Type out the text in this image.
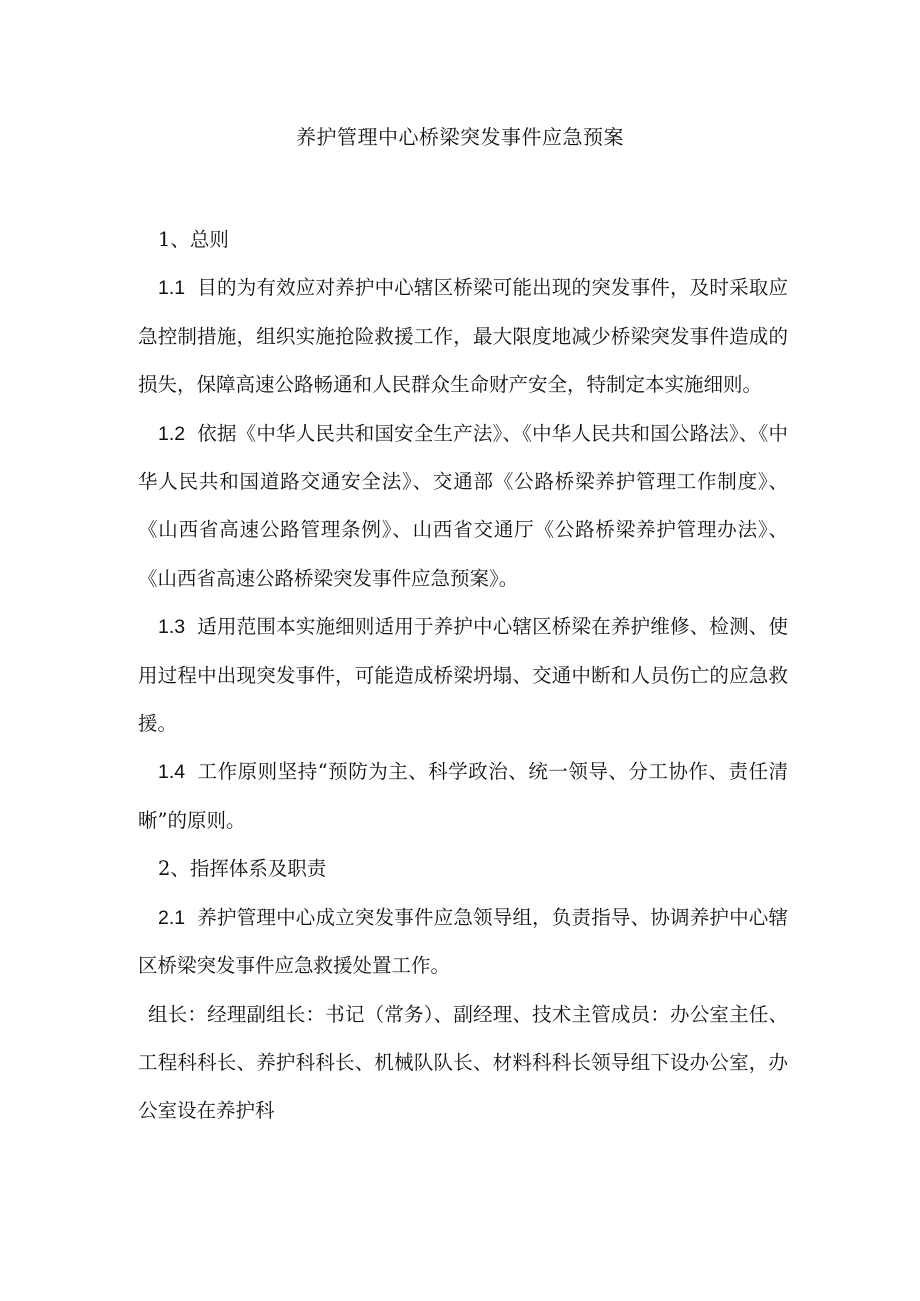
养护管理中心桥梁突发事件应急预案

1、总则

1.1 目的为有效应对养护中心辖区桥梁可能出现的突发事件，及时采取应急控制措施，组织实施抢险救援工作，最大限度地减少桥梁突发事件造成的损失，保障高速公路畅通和人民群众生命财产安全，特制定本实施细则。

1.2 依据《中华人民共和国安全生产法》、《中华人民共和国公路法》、《中华人民共和国道路交通安全法》、交通部《公路桥梁养护管理工作制度》、《山西省高速公路管理条例》、山西省交通厅《公路桥梁养护管理办法》、《山西省高速公路桥梁突发事件应急预案》。

1.3 适用范围本实施细则适用于养护中心辖区桥梁在养护维修、检测、使用过程中出现突发事件，可能造成桥梁坍塌、交通中断和人员伤亡的应急救援。

1.4 工作原则坚持“预防为主、科学政治、统一领导、分工协作、责任清晰”的原则。

2、指挥体系及职责

2.1 养护管理中心成立突发事件应急领导组，负责指导、协调养护中心辖区桥梁突发事件应急救援处置工作。

组长：经理副组长：书记（常务）、副经理、技术主管成员：办公室主任、工程科科长、养护科科长、机械队队长、材料科科长领导组下设办公室，办公室设在养护科
